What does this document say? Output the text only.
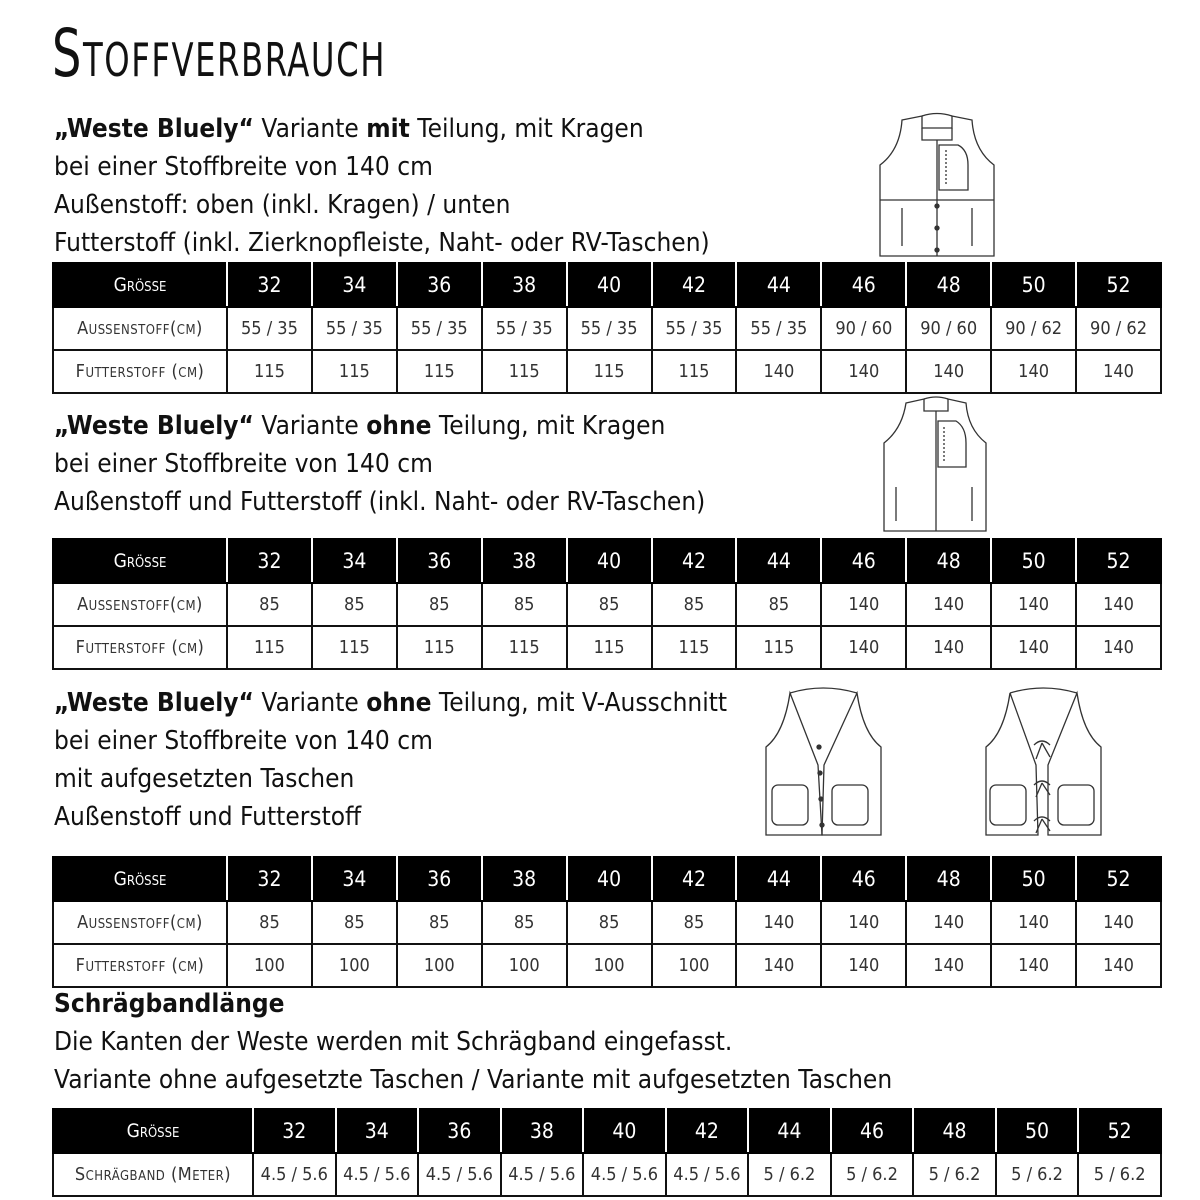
Stoffverbrauch
„Weste Bluely“ Variante mit Teilung, mit Kragen
bei einer Stoffbreite von 140 cm
Außenstoff: oben (inkl. Kragen) / unten
Futterstoff (inkl. Zierknopfleiste, Naht- oder RV-Taschen)
Größe	32	34	36	38	40	42	44	46	48	50	52
Außenstoff(cm)	55 / 35	55 / 35	55 / 35	55 / 35	55 / 35	55 / 35	55 / 35	90 / 60	90 / 60	90 / 62	90 / 62
Futterstoff (cm)	115	115	115	115	115	115	140	140	140	140	140
„Weste Bluely“ Variante ohne Teilung, mit Kragen
bei einer Stoffbreite von 140 cm
Außenstoff und Futterstoff (inkl. Naht- oder RV-Taschen)
Größe	32	34	36	38	40	42	44	46	48	50	52
Außenstoff(cm)	85	85	85	85	85	85	85	140	140	140	140
Futterstoff (cm)	115	115	115	115	115	115	115	140	140	140	140
„Weste Bluely“ Variante ohne Teilung, mit V-Ausschnitt
bei einer Stoffbreite von 140 cm
mit aufgesetzten Taschen
Außenstoff und Futterstoff
Größe	32	34	36	38	40	42	44	46	48	50	52
Außenstoff(cm)	85	85	85	85	85	85	140	140	140	140	140
Futterstoff (cm)	100	100	100	100	100	100	140	140	140	140	140
Schrägbandlänge
Die Kanten der Weste werden mit Schrägband eingefasst.
Variante ohne aufgesetzte Taschen / Variante mit aufgesetzten Taschen
Größe	32	34	36	38	40	42	44	46	48	50	52
Schrägband (Meter)	4.5 / 5.6	4.5 / 5.6	4.5 / 5.6	4.5 / 5.6	4.5 / 5.6	4.5 / 5.6	5 / 6.2	5 / 6.2	5 / 6.2	5 / 6.2	5 / 6.2
